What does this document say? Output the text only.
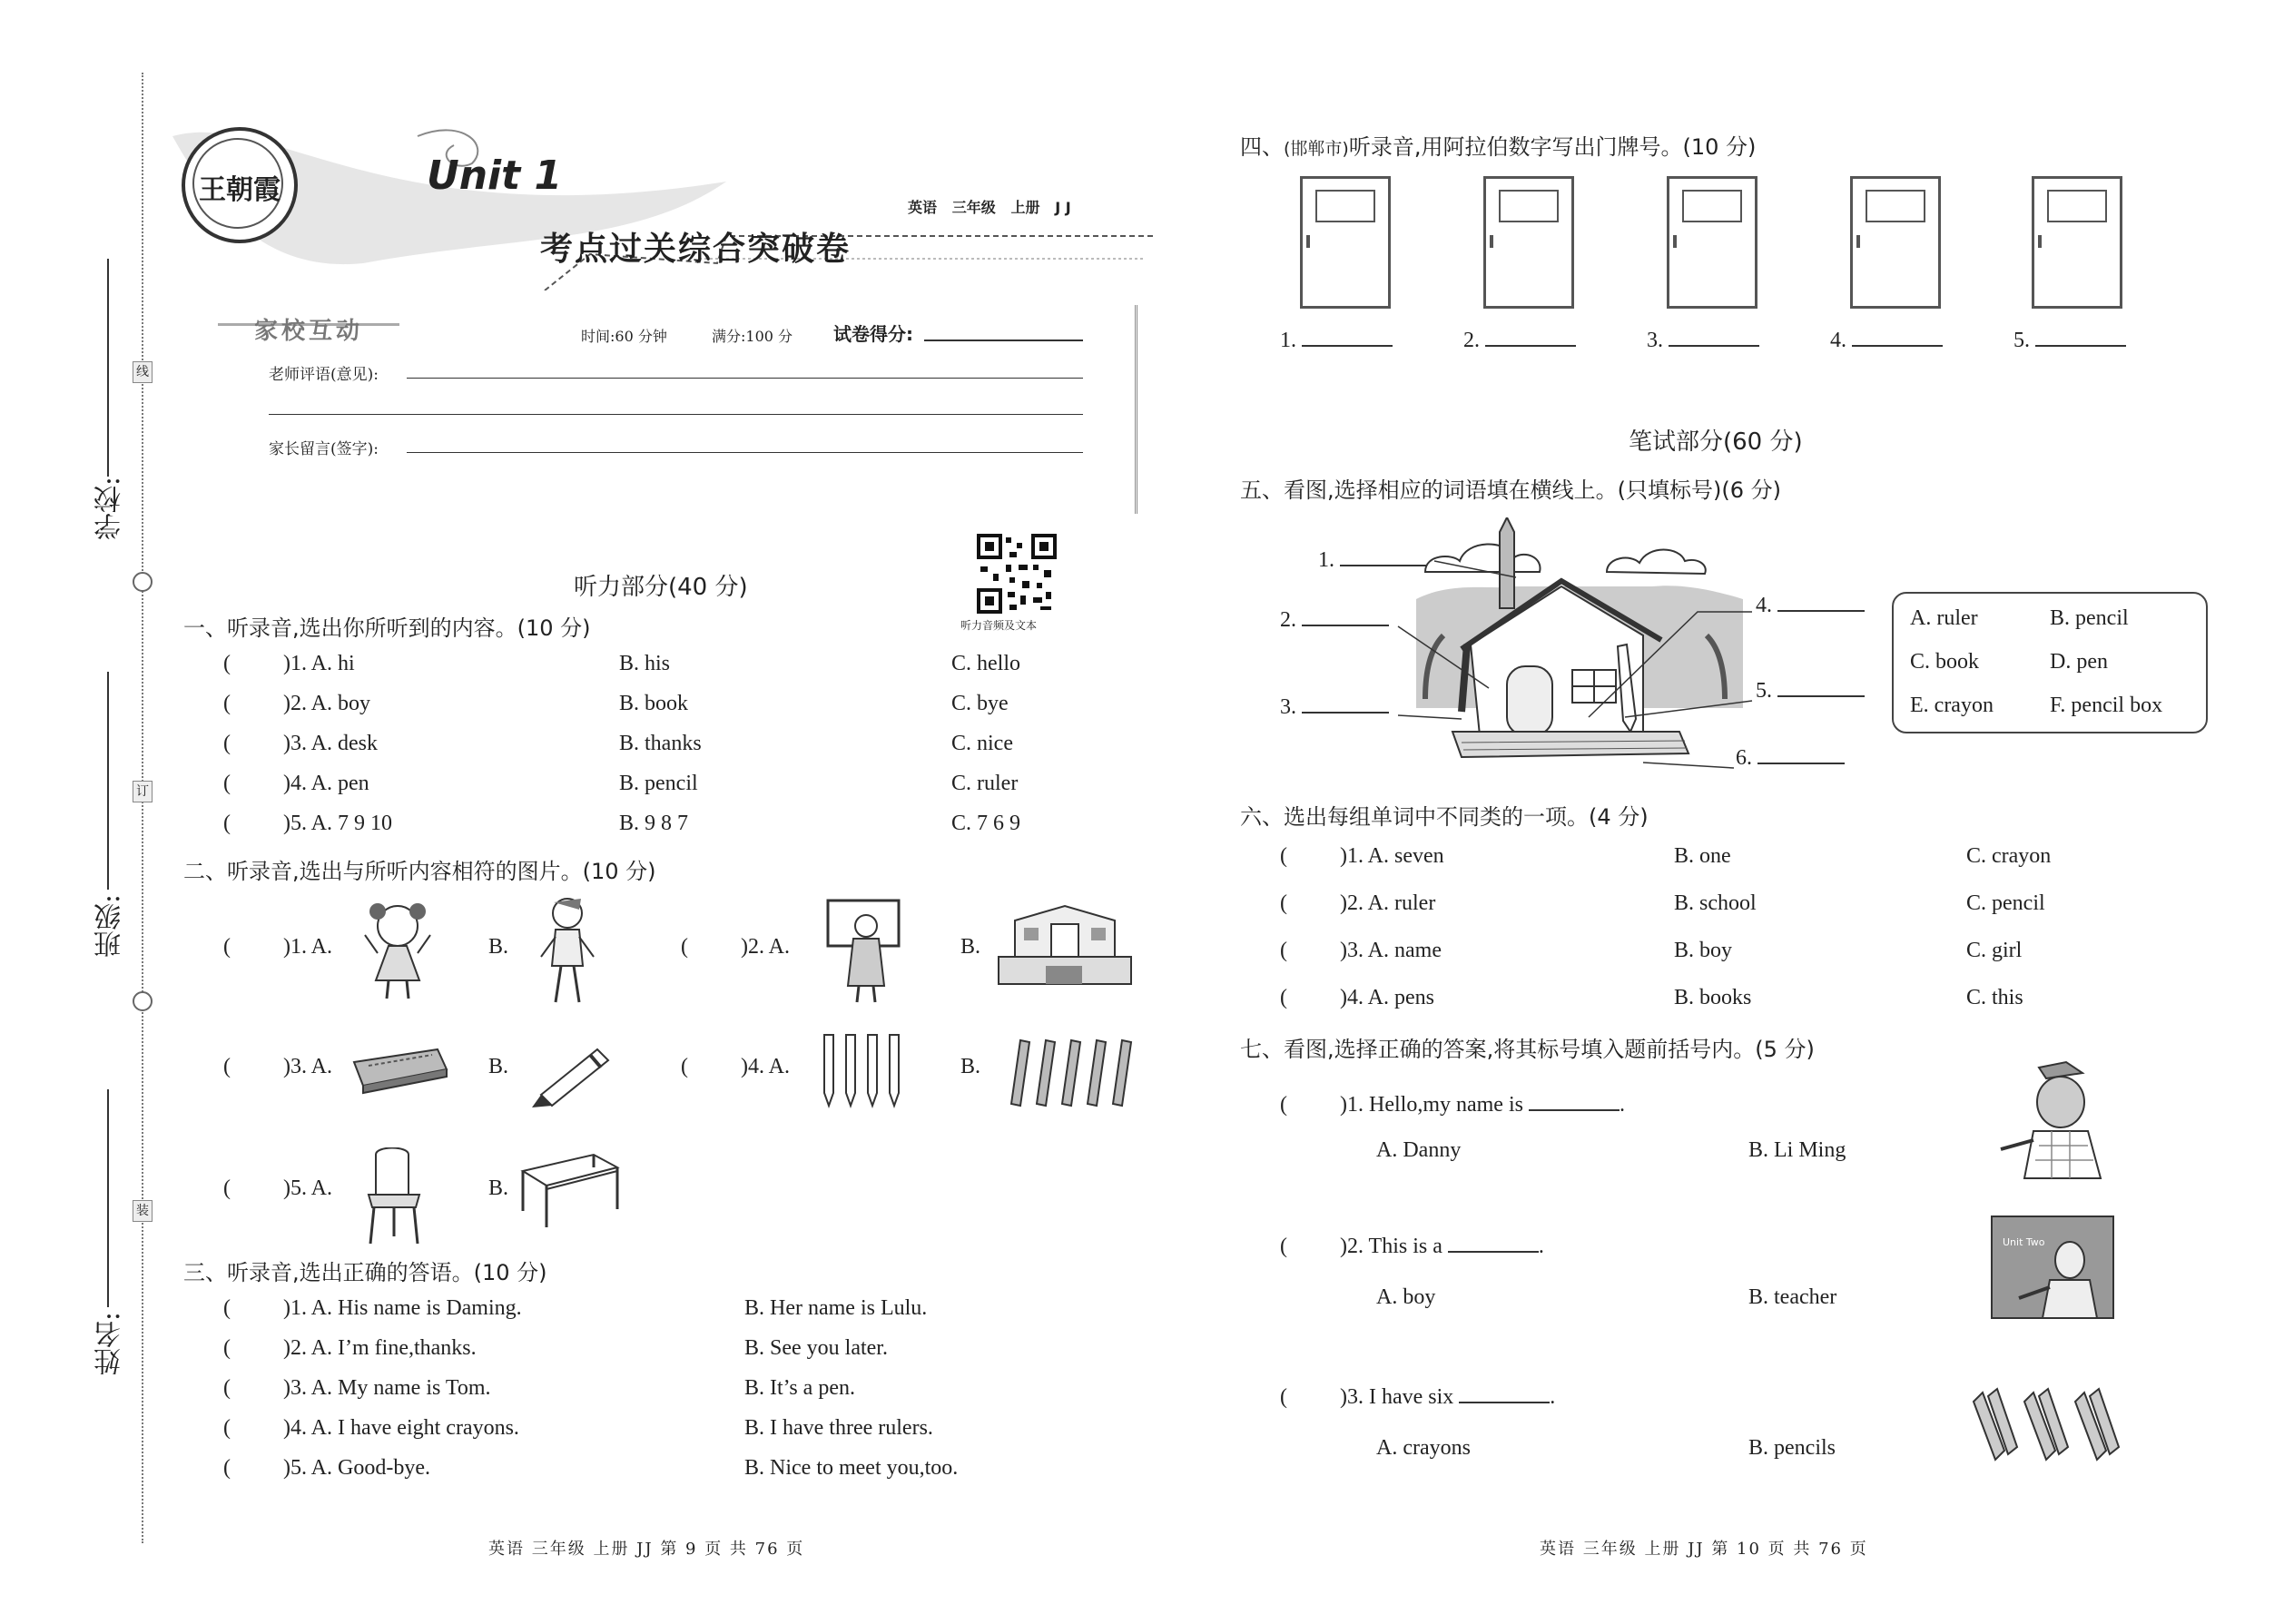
线
订
装
学校:
班级:
姓名:
王朝霞	Unit 1
考点过关综合突破卷
英语 三年级 上册 J J
家校互动	时间:60 分钟	满分:100 分 试卷得分:
老师评语(意见):
家长留言(签字):
听力音频及文本
听力部分(40 分)
一、听录音,选出你所听到的内容。(10 分)
( )1. A. hi	B. his	C. hello
( )2. A. boy	B. book	C. bye
( )3. A. desk	B. thanks	C. nice
( )4. A. pen	B. pencil	C. ruler
( )5. A. 7 9 10	B. 9 8 7	C. 7 6 9
二、听录音,选出与所听内容相符的图片。(10 分)
( )1. A.	B.	( )2. A.	B.
( )3. A.	B.	( )4. A.	B.
( )5. A.	B.
三、听录音,选出正确的答语。(10 分)
( )1. A. His name is Daming.	B. Her name is Lulu.
( )2. A. I’m fine,thanks.	B. See you later.
( )3. A. My name is Tom.	B. It’s a pen.
( )4. A. I have eight crayons.	B. I have three rulers.
( )5. A. Good-bye.	B. Nice to meet you,too.
英语 三年级 上册 JJ 第 9 页 共 76 页
四、(邯郸市)听录音,用阿拉伯数字写出门牌号。(10 分)
1.	2.	3.	4.	5.
笔试部分(60 分)
五、看图,选择相应的词语填在横线上。(只填标号)(6 分)
1.
2.
3.
4.
5.
6.
A. ruler	B. pencil
C. book	D. pen
E. crayon	F. pencil box
六、选出每组单词中不同类的一项。(4 分)
( )1. A. seven	B. one	C. crayon
( )2. A. ruler	B. school	C. pencil
( )3. A. name	B. boy	C. girl
( )4. A. pens	B. books	C. this
七、看图,选择正确的答案,将其标号填入题前括号内。(5 分)
( )1. Hello,my name is	.
A. Danny	B. Li Ming
( )2. This is a	.
A. boy	B. teacher
Unit Two
( )3. I have six	.
A. crayons	B. pencils
英语 三年级 上册 JJ 第 10 页 共 76 页
